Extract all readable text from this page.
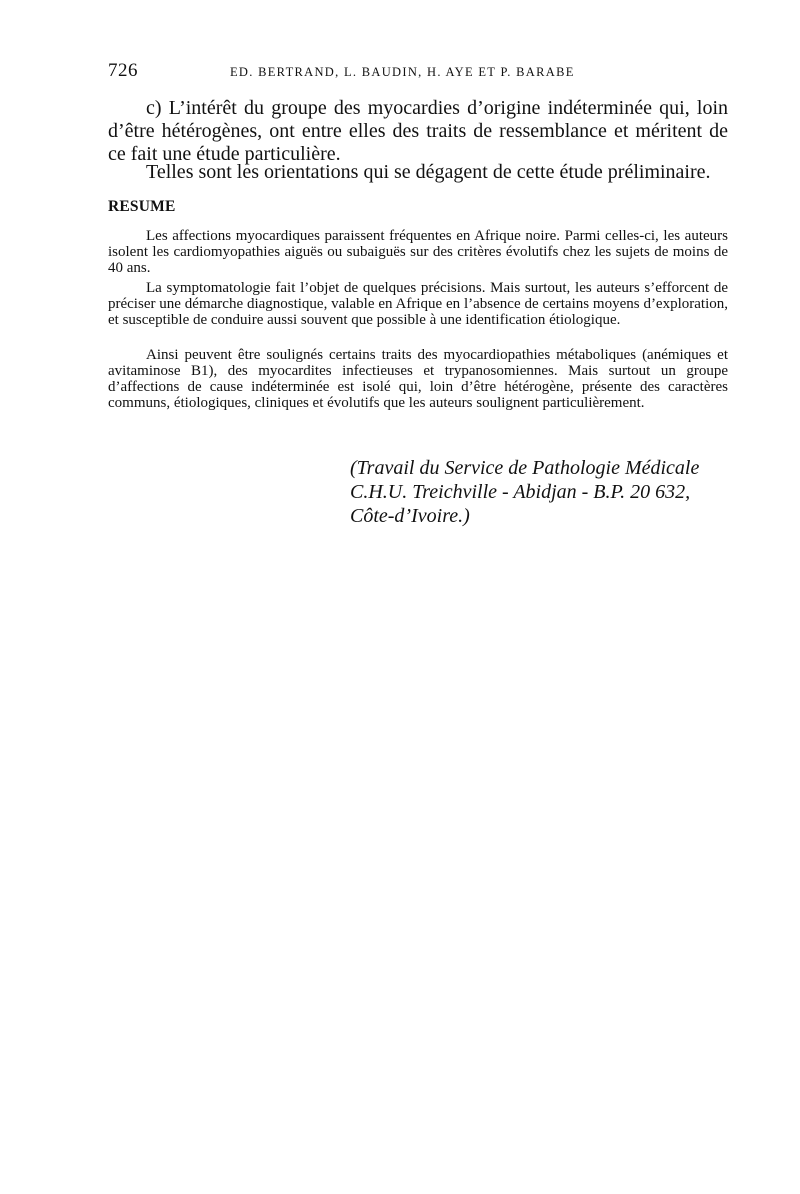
726	ED. BERTRAND, L. BAUDIN, H. AYE ET P. BARABE

c) L’intérêt du groupe des myocardies d’origine indéterminée qui, loin d’être hétérogènes, ont entre elles des traits de ressemblance et méritent de ce fait une étude particulière.

Telles sont les orientations qui se dégagent de cette étude préliminaire.

RESUME

Les affections myocardiques paraissent fréquentes en Afrique noire. Parmi celles-ci, les auteurs isolent les cardiomyopathies aiguës ou subaiguës sur des critères évolutifs chez les sujets de moins de 40 ans.

La symptomatologie fait l’objet de quelques précisions. Mais surtout, les auteurs s’efforcent de préciser une démarche diagnostique, valable en Afrique en l’absence de certains moyens d’exploration, et susceptible de conduire aussi souvent que possible à une identification étiologique.

Ainsi peuvent être soulignés certains traits des myocardiopathies métaboliques (anémiques et avitaminose B1), des myocardites infectieuses et trypanosomiennes. Mais surtout un groupe d’affections de cause indéterminée est isolé qui, loin d’être hétérogène, présente des caractères communs, étiologiques, cliniques et évolutifs que les auteurs soulignent particulièrement.

(Travail du Service de Pathologie Médicale
C.H.U. Treichville - Abidjan - B.P. 20 632,
Côte-d’Ivoire.)
